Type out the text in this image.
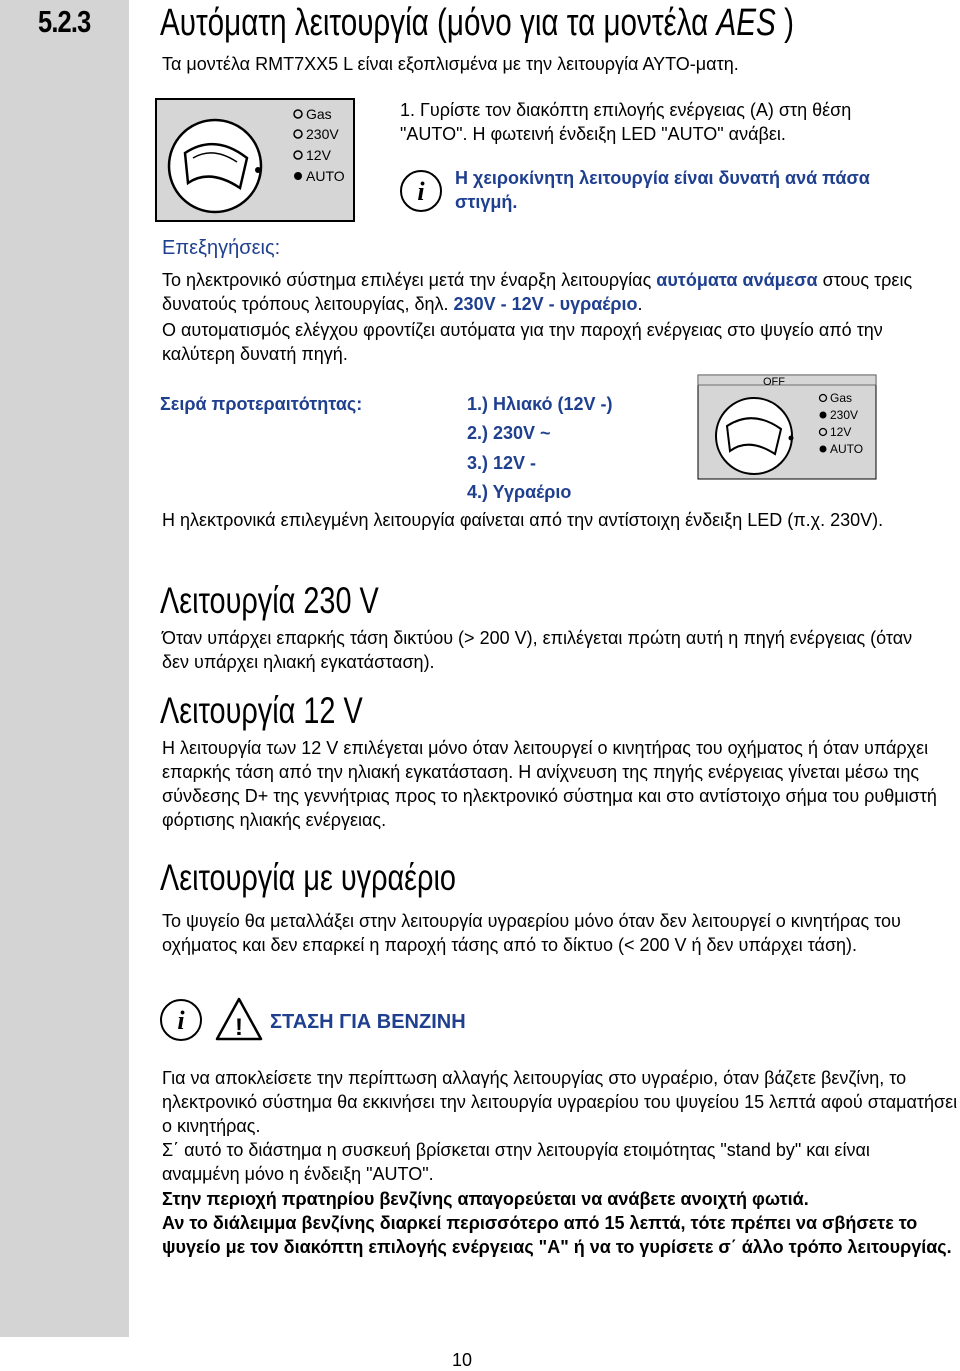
5.2.3 Αυτόματη λειτουργία (μόνο για τα μοντέλα AES )
Τα μοντέλα RMT7XX5 L είναι εξοπλισμένα με την λειτουργία ΑΥΤΟ-ματη.
Gas
230V
12V
AUTO
1. Γυρίστε τον διακόπτη επιλογής ενέργειας (A) στη θέση "AUTO". H φωτεινή ένδειξη LED "AUTO" ανάβει.
i Η χειροκίνητη λειτουργία είναι δυνατή ανά πάσα στιγμή.
Επεξηγήσεις:
Το ηλεκτρονικό σύστημα επιλέγει μετά την έναρξη λειτουργίας αυτόματα ανάμεσα στους τρεις δυνατούς τρόπους λειτουργίας, δηλ. 230V - 12V - υγραέριο.
Ο αυτοματισμός ελέγχου φροντίζει αυτόματα για την παροχή ενέργειας στο ψυγείο από την καλύτερη δυνατή πηγή.
Σειρά προτεραιτότητας:	1.) Ηλιακό (12V -)
2.) 230V ~
3.) 12V -
4.) Υγραέριο
OFF
Gas
230V
12V
AUTO
Η ηλεκτρονικά επιλεγμένη λειτουργία φαίνεται από την αντίστοιχη ένδειξη LED (π.χ. 230V).
Λειτουργία 230 V
Όταν υπάρχει επαρκής τάση δικτύου (> 200 V), επιλέγεται πρώτη αυτή η πηγή ενέργειας (όταν δεν υπάρχει ηλιακή εγκατάσταση).
Λειτουργία 12 V
Η λειτουργία των 12 V επιλέγεται μόνο όταν λειτουργεί ο κινητήρας του οχήματος ή όταν υπάρχει επαρκής τάση από την ηλιακή εγκατάσταση. Η ανίχνευση της πηγής ενέργειας γίνεται μέσω της σύνδεσης D+ της γεννήτριας προς το ηλεκτρονικό σύστημα και στο αντίστοιχο σήμα του ρυθμιστή φόρτισης ηλιακής ενέργειας.
Λειτουργία με υγραέριο
Το ψυγείο θα μεταλλάξει στην λειτουργία υγραερίου μόνο όταν δεν λειτουργεί ο κινητήρας του οχήματος και δεν επαρκεί η παροχή τάσης από το δίκτυο (< 200 V ή δεν υπάρχει τάση).
i ! ΣΤΑΣΗ ΓΙΑ ΒΕΝΖΙΝΗ
Για να αποκλείσετε την περίπτωση αλλαγής λειτουργίας στο υγραέριο, όταν βάζετε βενζίνη, το ηλεκτρονικό σύστημα θα εκκινήσει την λειτουργία υγραερίου του ψυγείου 15 λεπτά αφού σταματήσει ο κινητήρας.
Σ΄ αυτό το διάστημα η συσκευή βρίσκεται στην λειτουργία ετοιμότητας "stand by" και είναι αναμμένη μόνο η ένδειξη "AUTO".
Στην περιοχή πρατηρίου βενζίνης απαγορεύεται να ανάβετε ανοιχτή φωτιά.
Αν το διάλειμμα βενζίνης διαρκεί περισσότερο από 15 λεπτά, τότε πρέπει να σβήσετε το ψυγείο με τον διακόπτη επιλογής ενέργειας "A" ή να το γυρίσετε σ΄ άλλο τρόπο λειτουργίας.
10
